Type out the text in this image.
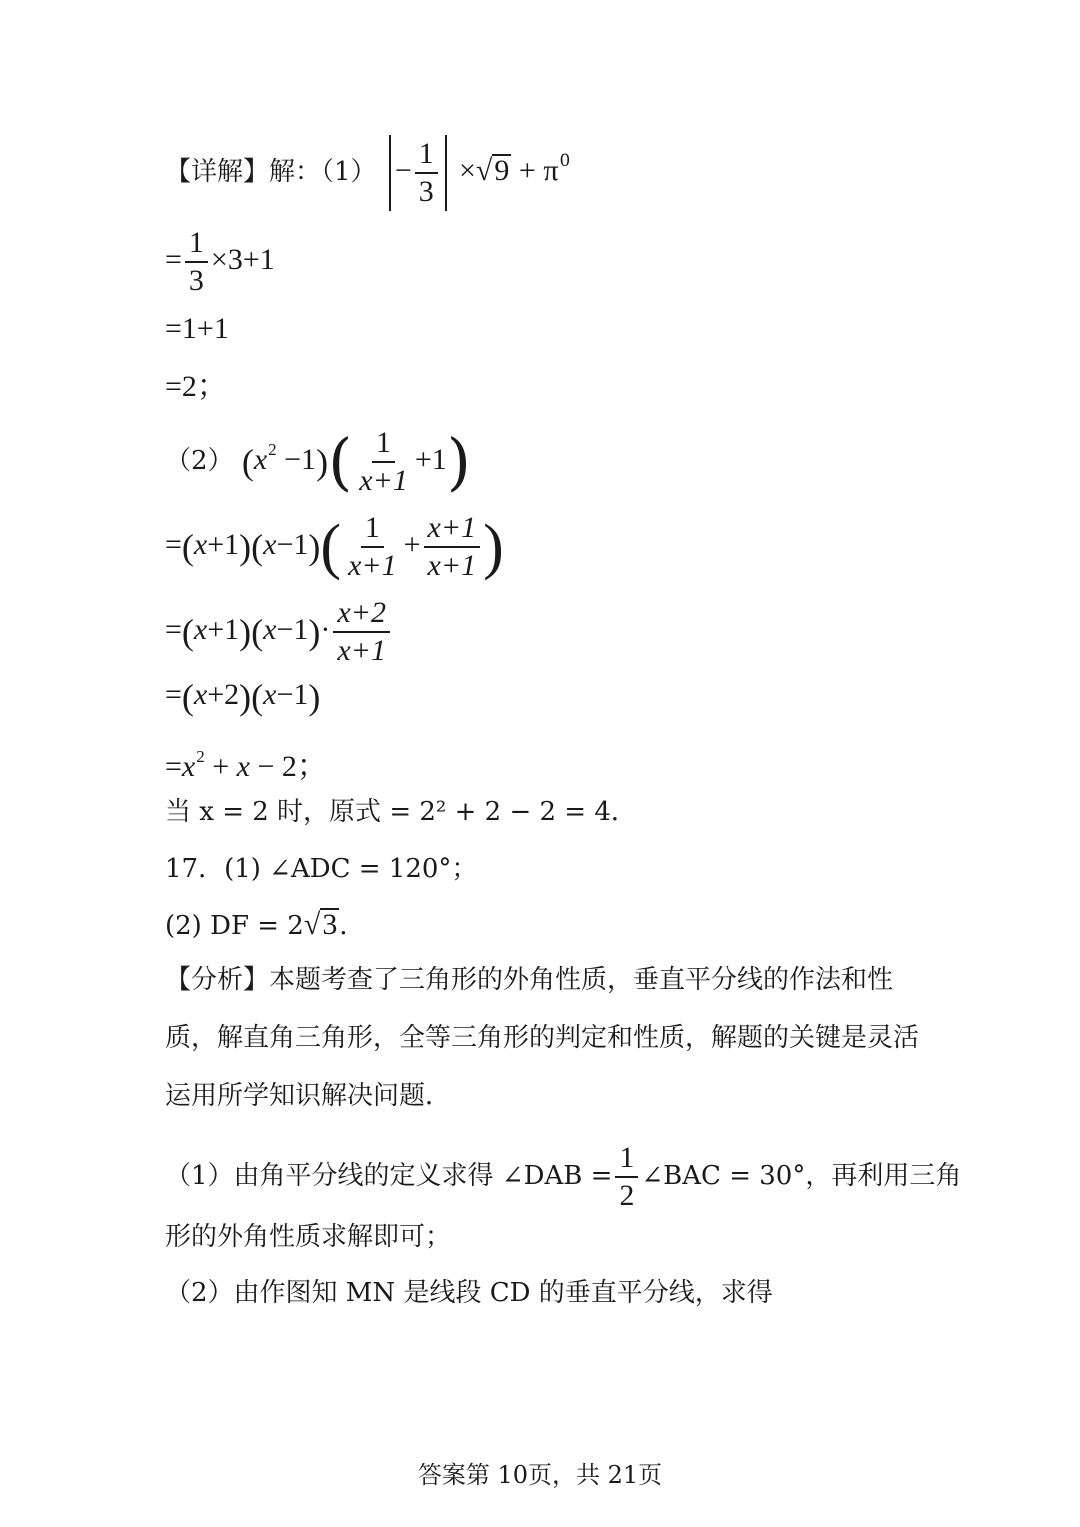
【详解】解：$(1) - \frac{1}{3} \times√9 + \pi^0$
= $\frac{1}{3} \times 3+1$
=1+1
=2；
（2） $(x^2 -1)( \frac{1}{x+1} +1)$
$=(x+1)(x-1)( \frac{1}{x+1} + \frac{x+1}{x+1}$ )
$=(x+1)(x-1)\cdot \frac{x+2}{x+1}$
=(x+2)(x−1)
$=x^2 + x - 2$；
当 x = 2 时，原式 = 2² + 2 − 2 = 4．
17．(1) ∠ADC = 120°；
(2) DF = 2√3．
【分析】本题考查了三角形的外角性质，垂直平分线的作法和性质，解直角三角形，全等三角形的判定和性质，解题的关键是灵活运用所学知识解决问题．
（1）由角平分线的定义求得 ∠DAB = $\frac{1}{2}$ ∠BAC = 30°，再利用三角
形的外角性质求解即可；
（2）由作图知 MN 是线段 CD 的垂直平分线，求得
答案第 10页，共 21页
